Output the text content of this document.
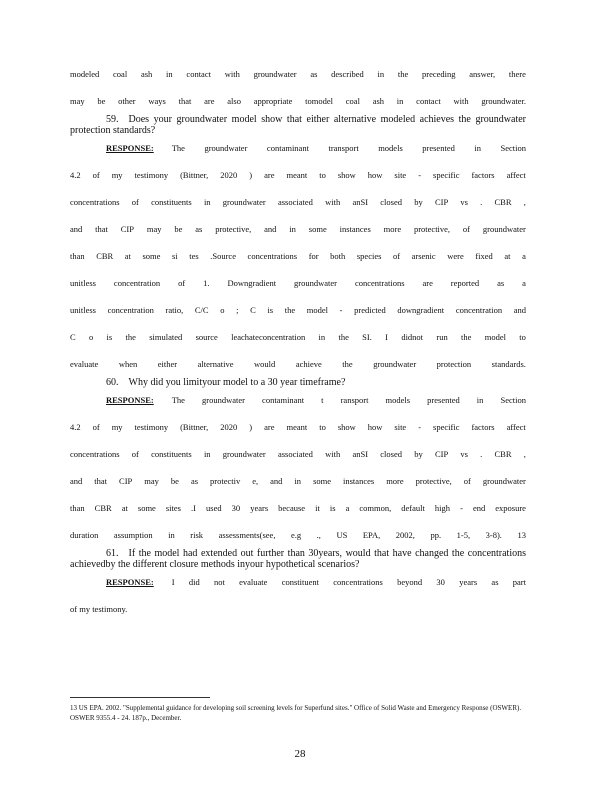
modeled coal ash in contact with groundwater as described in the preceding answer, there
may be other ways that are also appropriate tomodel coal ash in contact with groundwater.
59. Does your groundwater model show that either alternative modeled achieves the groundwater protection standards?
RESPONSE: The groundwater contaminant transport models presented in Section
4.2 of my testimony (Bittner, 2020 ) are meant to show how site - specific factors affect
concentrations of constituents in groundwater associated with anSI closed by CIP vs . CBR ,
and that CIP may be as protective, and in some instances more protective, of groundwater
than CBR at some si tes .Source concentrations for both species of arsenic were fixed at a
unitless concentration of 1. Downgradient groundwater concentrations are reported as a
unitless concentration ratio, C/C o ; C is the model - predicted downgradient concentration and
C o is the simulated source leachateconcentration in the SI. I didnot run the model to
evaluate when either alternative would achieve the groundwater protection standards.
60. Why did you limityour model to a 30 year timeframe?
RESPONSE: The groundwater contaminant t ransport models presented in Section
4.2 of my testimony (Bittner, 2020 ) are meant to show how site - specific factors affect
concentrations of constituents in groundwater associated with anSI closed by CIP vs . CBR ,
and that CIP may be as protectiv e, and in some instances more protective, of groundwater
than CBR at some sites .I used 30 years because it is a common, default high - end exposure
duration assumption in risk assessments(see, e.g ., US EPA, 2002, pp. 1-5, 3-8). 13
61. If the model had extended out further than 30years, would that have changed the concentrations achievedby the different closure methods inyour hypothetical scenarios?
RESPONSE: I did not evaluate constituent concentrations beyond 30 years as part
of my testimony.
13 US EPA. 2002. "Supplemental guidance for developing soil screening levels for Superfund sites." Office of Solid Waste and Emergency Response (OSWER). OSWER 9355.4 - 24. 187p., December.
28
